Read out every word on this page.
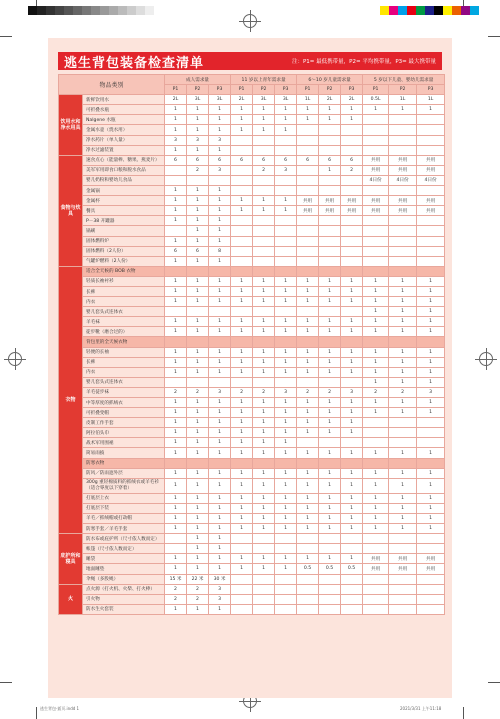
逃生背包装备检查清单	注：P1= 最低携带量，P2= 平均携带量，P3= 最大携带量
物品类别		成人需求量			11 岁以上青年需求量			6～10 岁儿童需求量			5 岁以下儿童、婴幼儿需求量		
		P1	P2	P3	P1	P2	P3	P1	P2	P3	P1	P2	P3
饮用水和净水用具	新鲜饮用水	2L	3L	3L	2L	3L	3L	1L	2L	2L	0.5L	1L	1L
	可折叠水瓶	1	1	1	1	1	1	1	1	1	1	1	1
	Nalgene 水瓶	1	1	1	1	1	1	1	1	1			
	金属水壶（烧水用）	1	1	1	1	1	1						
	净水药片（单人量）	3	3	3									
	净水过滤装置	1	1	1									
食物与炊具	速食点心（能量棒、糖果、燕麦片）	6	6	6	6	6	6	6	6	6	共用	共用	共用
	美军军用即食口粮和脱水食品		2	3		2	3		1	2	共用	共用	共用
	婴儿奶粉和婴幼儿食品										4日份	4日份	4日份
	金属锅	1	1	1									
	金属杯	1	1	1	1	1	1	共用	共用	共用	共用	共用	共用
	餐具	1	1	1	1	1	1	共用	共用	共用	共用	共用	共用
	P－38 开罐器	1	1	1									
	锅刷		1	1									
	固体燃料炉	1	1	1									
	固体燃料（2人份）	6	6	8									
	气罐炉燃料（2人份）	1	1	1									
衣物	适合全天候的 BOB 衣物												
	轻质长袖衬衫	1	1	1	1	1	1	1	1	1	1	1	1
	长裤	1	1	1	1	1	1	1	1	1	1	1	1
	内衣	1	1	1	1	1	1	1	1	1	1	1	1
	婴儿套头式连体衣										1	1	1
	羊毛袜	1	1	1	1	1	1	1	1	1	1	1	1
	徒步靴（磨合过的）	1	1	1	1	1	1	1	1	1	1	1	1
	背包里的全天候衣物												
	轻便的长袖	1	1	1	1	1	1	1	1	1	1	1	1
	长裤	1	1	1	1	1	1	1	1	1	1	1	1
	内衣	1	1	1	1	1	1	1	1	1	1	1	1
	婴儿套头式连体衣										1	1	1
	羊毛徒步袜	2	2	3	2	2	3	2	2	3	2	2	3
	中等厚度的抓绒衣	1	1	1	1	1	1	1	1	1	1	1	1
	可折叠变帽	1	1	1	1	1	1	1	1	1	1	1	1
	皮制工作手套	1	1	1	1	1	1	1	1	1			
	阿拉伯头巾	1	1	1	1	1	1	1	1	1			
	战术军用围裙	1	1	1	1	1	1						
	简易雨披	1	1	1	1	1	1	1	1	1	1	1	1
	防寒衣物												
	防风／防雨遮外层	1	1	1	1	1	1	1	1	1	1	1	1
	300g 重轻棉质料的抓绒衣或羊毛衫（适合零度以下穿着）	1	1	1	1	1	1	1	1	1	1	1	1
	打底层上衣	1	1	1	1	1	1	1	1	1	1	1	1
	打底层下装	1	1	1	1	1	1	1	1	1	1	1	1
	羊毛／抓绒帽或打劫帽	1	1	1	1	1	1	1	1	1	1	1	1
	防寒手套／羊毛手套	1	1	1	1	1	1	1	1	1	1	1	1
庇护所和寝具	防水布或庇护所（尺寸依人数而定）		1	1									
	帐篷（尺寸依人数而定）		1	1									
	睡袋	1	1	1	1	1	1	1	1	1	共用	共用	共用
	地面睡垫	1	1	1	1	1	1	0.5	0.5	0.5	共用	共用	共用
	伞绳（多股绳）	15 米	22 米	30 米									
火	点火源（打火机、火柴、打火棒）	2	2	3									
	引火物	2	2	3									
	防水生火套装	1	1	1									
逃生背包·插页.indd 1	2021/3/31 上午11:18
